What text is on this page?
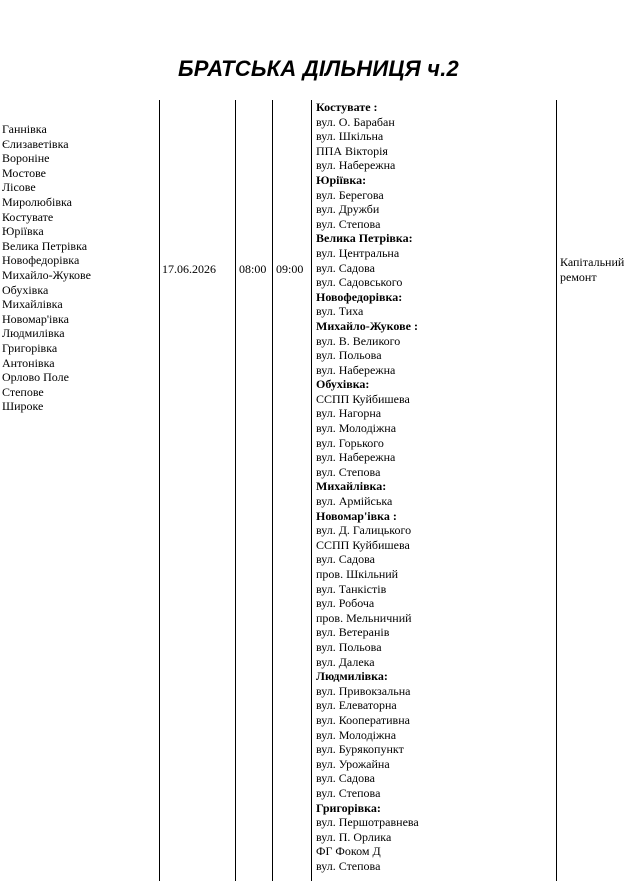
БРАТСЬКА ДІЛЬНИЦЯ ч.2
Ганнівка
Єлизаветівка
Вороніне
Мостове
Лісове
Миролюбівка
Костувате
Юріївка
Велика Петрівка
Новофедорівка
Михайло-Жукове
Обухівка
Михайлівка
Новомар'івка
Людмилівка
Григорівка
Антонівка
Орлово Поле
Степове
Широке
17.06.2026 08:00 09:00
Костувате :
вул. О. Барабан
вул. Шкільна
ППА Вікторія
вул. Набережна
Юріївка:
вул. Берегова
вул. Дружби
вул. Степова
Велика Петрівка:
вул. Центральна
вул. Садова
вул. Садовського
Новофедорівка:
вул. Тиха
Михайло-Жукове :
вул. В. Великого
вул. Польова
вул. Набережна
Обухівка:
ССПП Куйбишева
вул. Нагорна
вул. Молодіжна
вул. Горького
вул. Набережна
вул. Степова
Михайлівка:
вул. Армійська
Новомар'івка :
вул. Д. Галицького
ССПП Куйбишева
вул. Садова
пров. Шкільний
вул. Танкістів
вул. Робоча
пров. Мельничний
вул. Ветеранів
вул. Польова
вул. Далека
Людмилівка:
вул. Привокзальна
вул. Елеваторна
вул. Кооперативна
вул. Молодіжна
вул. Бурякопункт
вул. Урожайна
вул. Садова
вул. Степова
Григорівка:
вул. Першотравнева
вул. П. Орлика
ФГ Фоком Д
вул. Степова
Капітальний ремонт
